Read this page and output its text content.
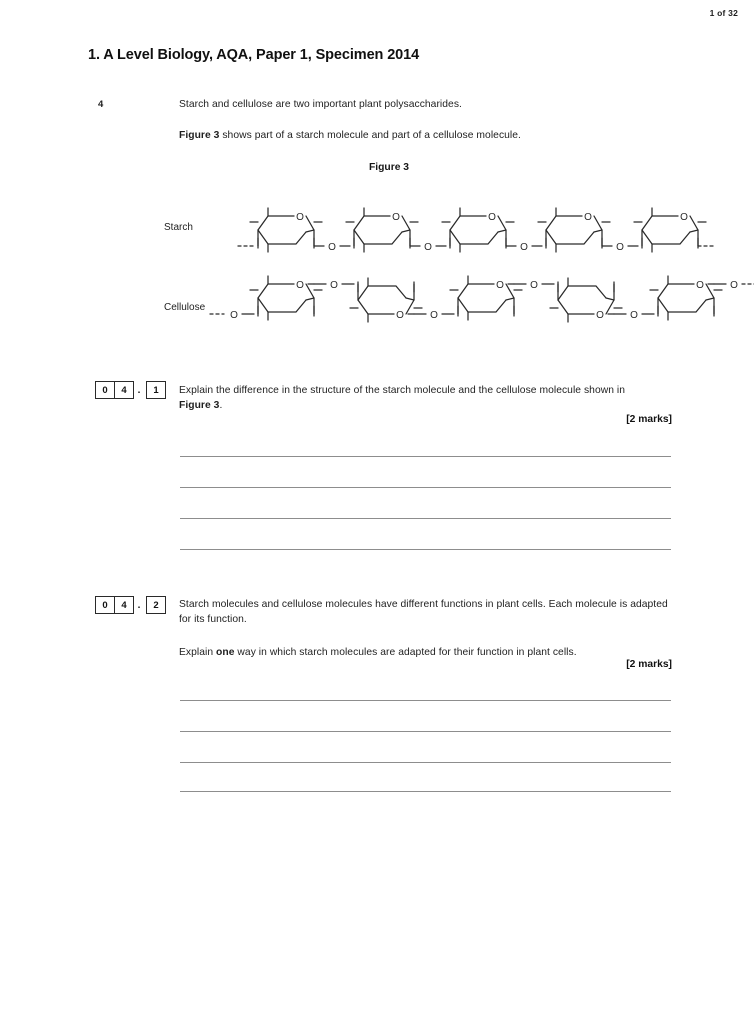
1 of 32
1. A Level Biology, AQA, Paper 1, Specimen 2014
4	Starch and cellulose are two important plant polysaccharides.
Figure 3 shows part of a starch molecule and part of a cellulose molecule.
Figure 3
Starch
Cellulose
O
O
O
O
O
O
O
O
O
O
O	O
O	O
O	O
O	O
O	O
0	4	.	1	Explain the difference in the structure of the starch molecule and the cellulose molecule shown in Figure 3.
[2 marks]
0	4	.	2	Starch molecules and cellulose molecules have different functions in plant cells. Each molecule is adapted for its function.
Explain one way in which starch molecules are adapted for their function in plant cells.
[2 marks]
